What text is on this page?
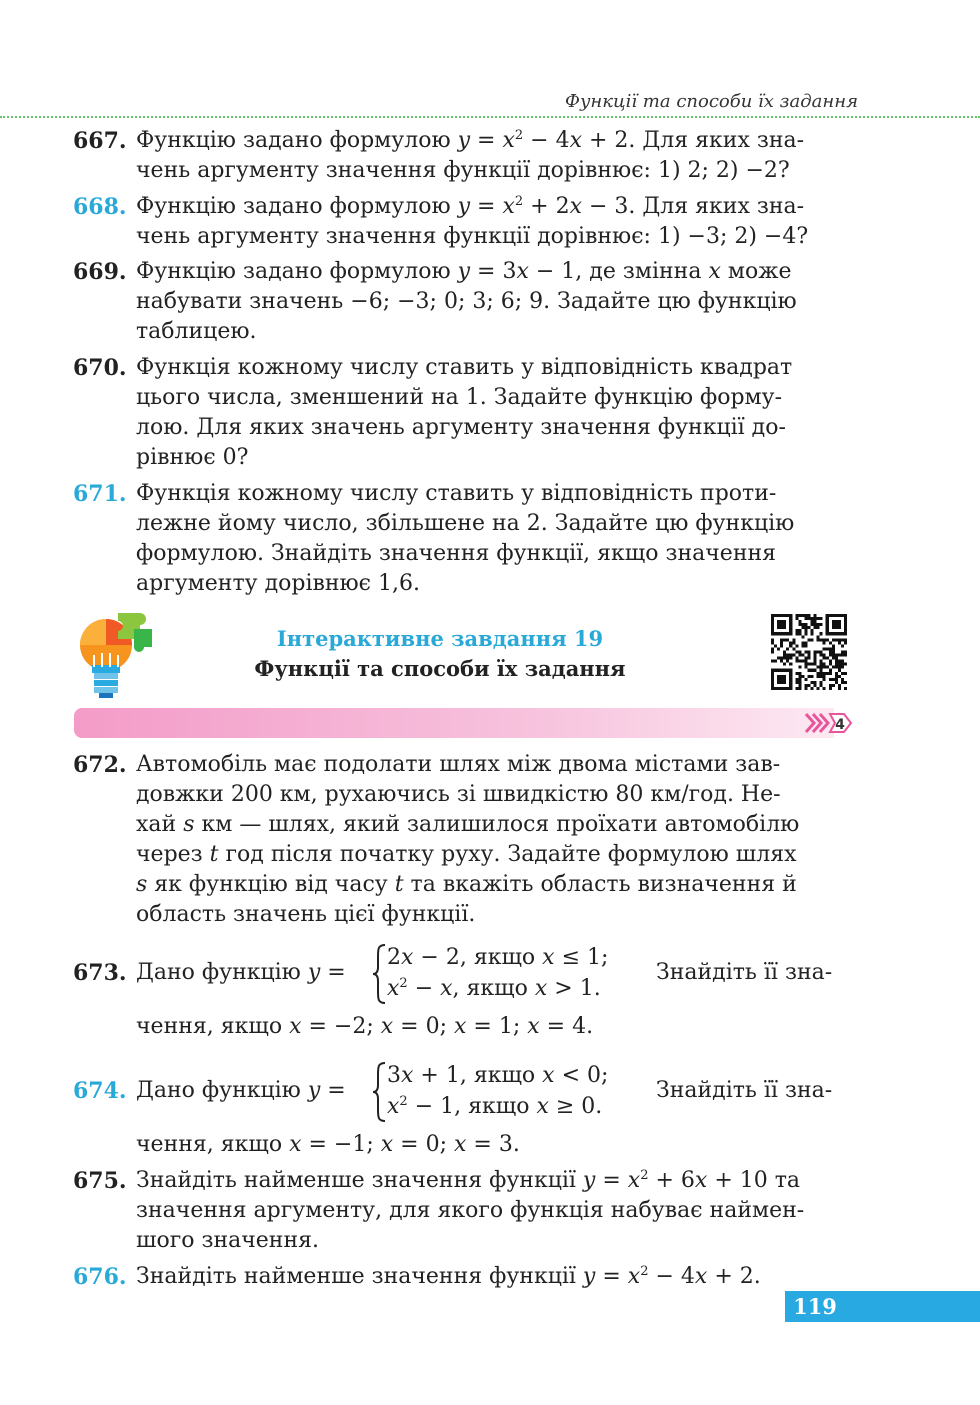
Функції та способи їх задання
667. Функцію задано формулою $y = x^2 - 4x + 2$. Для яких зна-

чень аргументу значення функції дорівнює: 1) 2; 2) −2?

668. Функцію задано формулою $y = x^2 + 2x - 3$. Для яких зна-

чень аргументу значення функції дорівнює: 1) −3; 2) −4?

669. Функцію задано формулою y = 3x − 1, де змінна x може

набувати значень −6; −3; 0; 3; 6; 9. Задайте цю функцію

таблицею.

670. Функція кожному числу ставить у відповідність квадрат

цього числа, зменшений на 1. Задайте функцію форму-

лою. Для яких значень аргументу значення функції до-

рівнює 0?

671. Функція кожному числу ставить у відповідність проти-

лежне йому число, збільшене на 2. Задайте цю функцію

формулою. Знайдіть значення функції, якщо значення

аргументу дорівнює 1,6.

Інтерактивне завдання 19
Функції та способи їх задання
4
672. Автомобіль має подолати шлях між двома містами зав-

довжки 200 км, рухаючись зі швидкістю 80 км/год. Не-

хай s км — шлях, який залишилося проїхати автомобілю

через t год після початку руху. Задайте формулою шлях

s як функцію від часу t та вкажіть область визначення й

область значень цієї функції.

673. Дано функцію y =
2x − 2, якщо x ≤ 1;
$x^2 - x$, якщо x > 1.
Знайдіть її зна-
чення, якщо x = −2; x = 0; x = 1; x = 4.
674. Дано функцію y =
3x + 1, якщо x < 0;
$x^2 - 1$, якщо x ≥ 0.
Знайдіть її зна-
чення, якщо x = −1; x = 0; x = 3.
675. Знайдіть найменше значення функції $y = x^2 + 6x + 10$ та

значення аргументу, для якого функція набуває наймен-

шого значення.

676. Знайдіть найменше значення функції $y = x^2 - 4x + 2$.

119
